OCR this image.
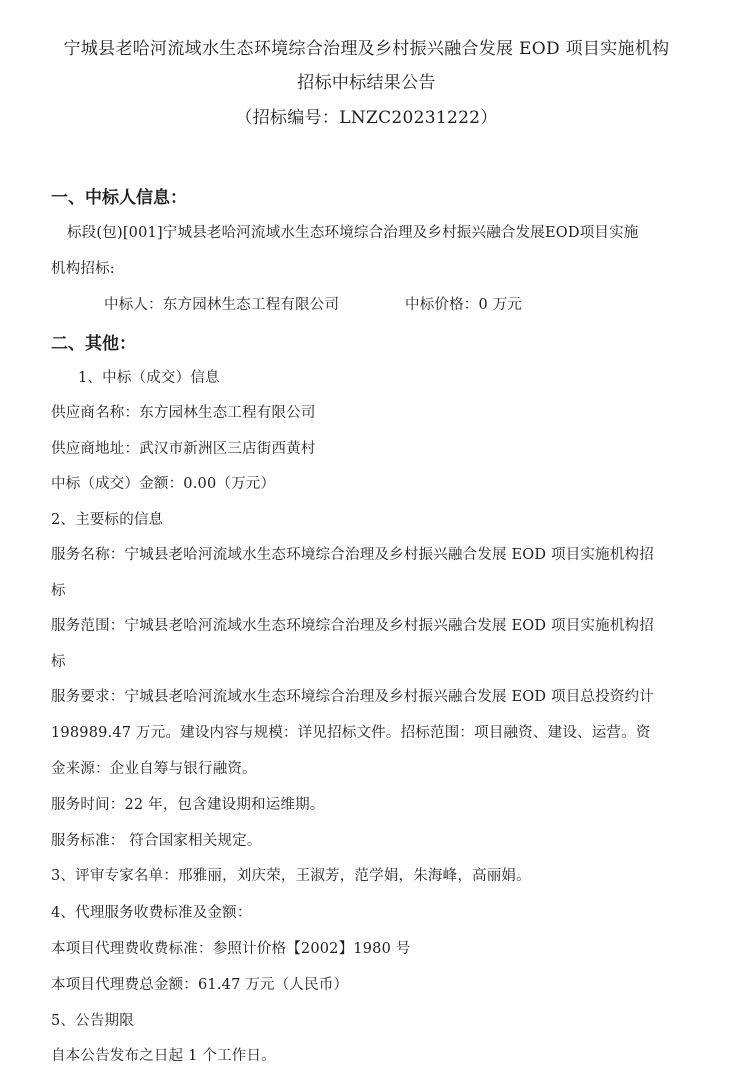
宁城县老哈河流域水生态环境综合治理及乡村振兴融合发展 EOD 项目实施机构
招标中标结果公告
（招标编号：LNZC20231222）
一、中标人信息：
标段(包)[001]宁城县老哈河流域水生态环境综合治理及乡村振兴融合发展EOD项目实施
机构招标:
中标人：东方园林生态工程有限公司	中标价格：0 万元
二、其他：
1、中标（成交）信息
供应商名称：东方园林生态工程有限公司
供应商地址：武汉市新洲区三店街西黄村
中标（成交）金额：0.00（万元）
2、主要标的信息
服务名称：宁城县老哈河流域水生态环境综合治理及乡村振兴融合发展 EOD 项目实施机构招
标
服务范围：宁城县老哈河流域水生态环境综合治理及乡村振兴融合发展 EOD 项目实施机构招
标
服务要求：宁城县老哈河流域水生态环境综合治理及乡村振兴融合发展 EOD 项目总投资约计
198989.47 万元。建设内容与规模：详见招标文件。招标范围：项目融资、建设、运营。资
金来源：企业自筹与银行融资。
服务时间：22 年，包含建设期和运维期。
服务标准： 符合国家相关规定。
3、评审专家名单：邢雅丽，刘庆荣，王淑芳，范学娟，朱海峰，高丽娟。
4、代理服务收费标准及金额：
本项目代理费收费标准：参照计价格【2002】1980 号
本项目代理费总金额：61.47 万元（人民币）
5、公告期限
自本公告发布之日起 1 个工作日。
